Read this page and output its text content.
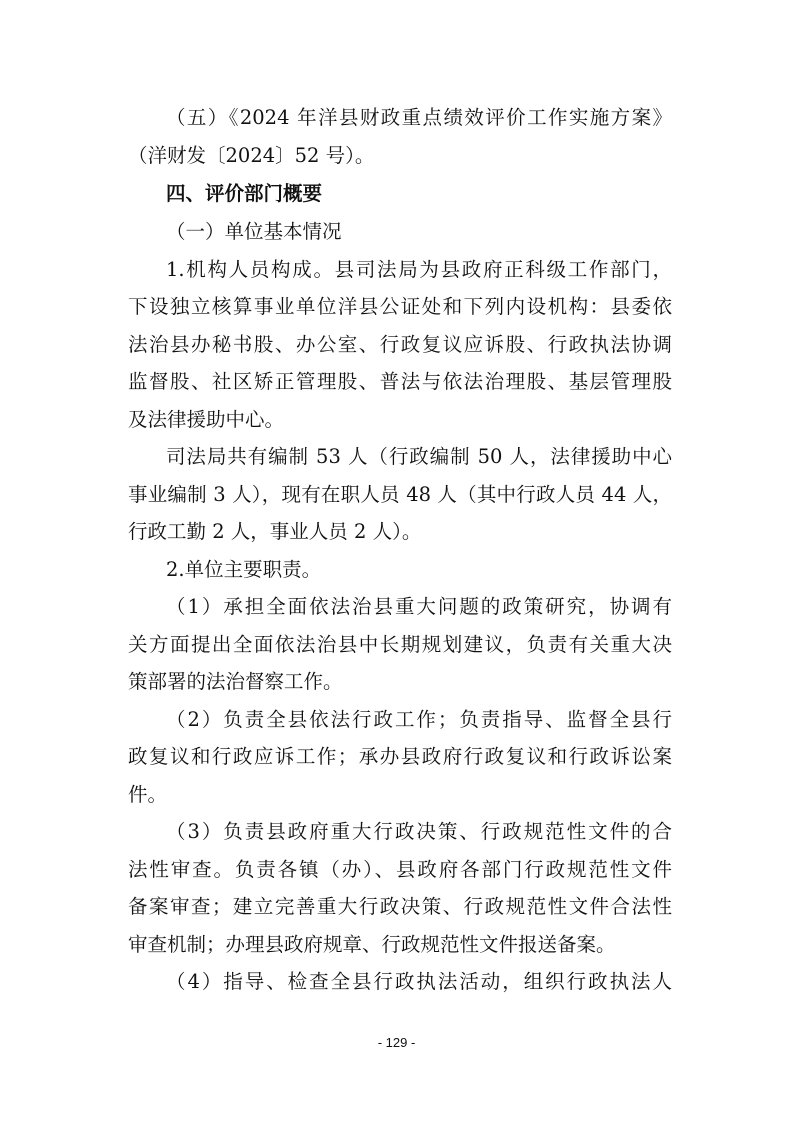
（五）《2024 年洋县财政重点绩效评价工作实施方案》
（洋财发〔2024〕52 号）。
四、评价部门概要
（一）单位基本情况
1.机构人员构成。县司法局为县政府正科级工作部门，
下设独立核算事业单位洋县公证处和下列内设机构：县委依
法治县办秘书股、办公室、行政复议应诉股、行政执法协调
监督股、社区矫正管理股、普法与依法治理股、基层管理股
及法律援助中心。
司法局共有编制 53 人（行政编制 50 人，法律援助中心
事业编制 3 人），现有在职人员 48 人（其中行政人员 44 人，
行政工勤 2 人，事业人员 2 人）。
2.单位主要职责。
（1）承担全面依法治县重大问题的政策研究，协调有
关方面提出全面依法治县中长期规划建议，负责有关重大决
策部署的法治督察工作。
（2）负责全县依法行政工作；负责指导、监督全县行
政复议和行政应诉工作；承办县政府行政复议和行政诉讼案
件。
（3）负责县政府重大行政决策、行政规范性文件的合
法性审查。负责各镇（办）、县政府各部门行政规范性文件
备案审查；建立完善重大行政决策、行政规范性文件合法性
审查机制；办理县政府规章、行政规范性文件报送备案。
（4）指导、检查全县行政执法活动，组织行政执法人
- 129 -
